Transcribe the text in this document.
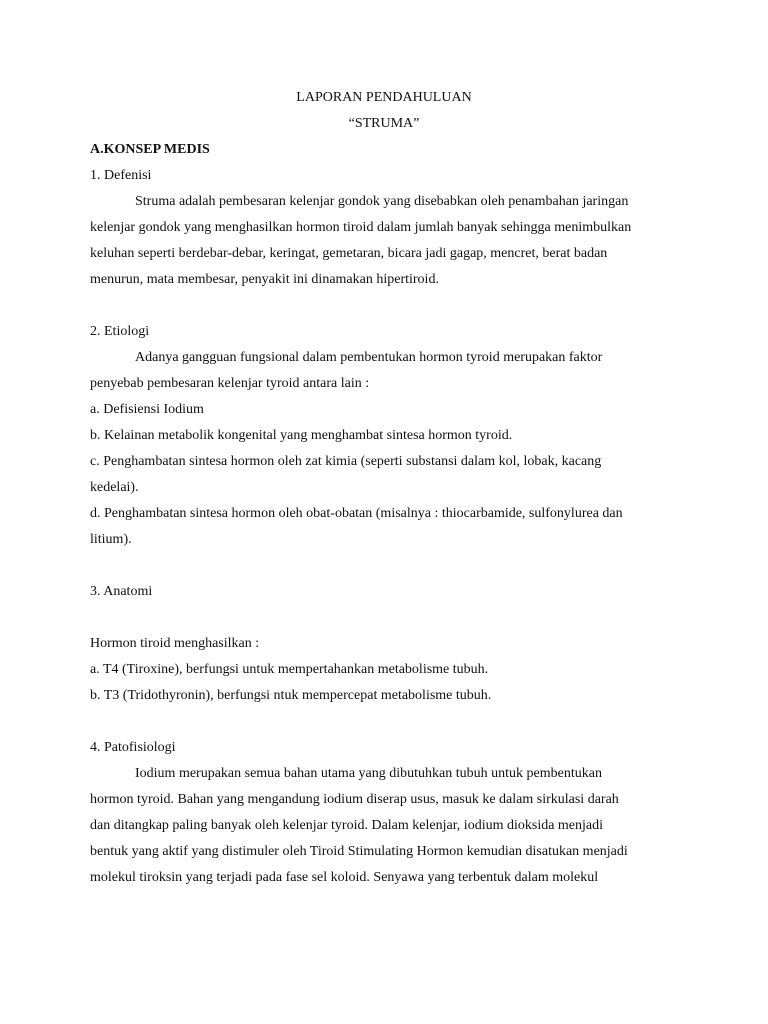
LAPORAN PENDAHULUAN
“STRUMA”
A.KONSEP MEDIS
1. Defenisi
Struma adalah pembesaran kelenjar gondok yang disebabkan oleh penambahan jaringan
kelenjar gondok yang menghasilkan hormon tiroid dalam jumlah banyak sehingga menimbulkan
keluhan seperti berdebar-debar, keringat, gemetaran, bicara jadi gagap, mencret, berat badan
menurun, mata membesar, penyakit ini dinamakan hipertiroid.
2. Etiologi
Adanya gangguan fungsional dalam pembentukan hormon tyroid merupakan faktor
penyebab pembesaran kelenjar tyroid antara lain :
a. Defisiensi Iodium
b. Kelainan metabolik kongenital yang menghambat sintesa hormon tyroid.
c. Penghambatan sintesa hormon oleh zat kimia (seperti substansi dalam kol, lobak, kacang
kedelai).
d. Penghambatan sintesa hormon oleh obat-obatan (misalnya : thiocarbamide, sulfonylurea dan
litium).
3. Anatomi
Hormon tiroid menghasilkan :
a. T4 (Tiroxine), berfungsi untuk mempertahankan metabolisme tubuh.
b. T3 (Tridothyronin), berfungsi ntuk mempercepat metabolisme tubuh.
4. Patofisiologi
Iodium merupakan semua bahan utama yang dibutuhkan tubuh untuk pembentukan
hormon tyroid. Bahan yang mengandung iodium diserap usus, masuk ke dalam sirkulasi darah
dan ditangkap paling banyak oleh kelenjar tyroid. Dalam kelenjar, iodium dioksida menjadi
bentuk yang aktif yang distimuler oleh Tiroid Stimulating Hormon kemudian disatukan menjadi
molekul tiroksin yang terjadi pada fase sel koloid. Senyawa yang terbentuk dalam molekul
